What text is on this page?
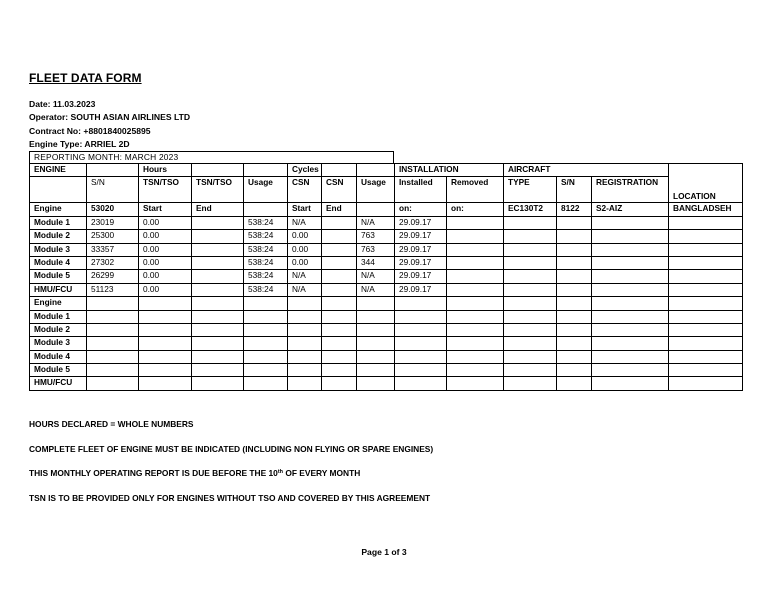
FLEET DATA FORM
Date: 11.03.2023
Operator: SOUTH ASIAN AIRLINES LTD
Contract No: +8801840025895
Engine Type: ARRIEL 2D
REPORTING MONTH: MARCH 2023
ENGINE		Hours			Cycles			INSTALLATION		AIRCRAFT			LOCATION
	S/N	TSN/TSO	TSN/TSO	Usage	CSN	CSN	Usage	Installed	Removed	TYPE	S/N	REGISTRATION	
Engine	53020	Start	End		Start	End		on:	on:	EC130T2	8122	S2-AIZ	BANGLADSEH
Module 1	23019	0.00		538:24	N/A		N/A	29.09.17					
Module 2	25300	0.00		538:24	0.00		763	29.09.17					
Module 3	33357	0.00		538:24	0.00		763	29.09.17					
Module 4	27302	0.00		538:24	0.00		344	29.09.17					
Module 5	26299	0.00		538:24	N/A		N/A	29.09.17					
HMU/FCU	51123	0.00		538:24	N/A		N/A	29.09.17					
Engine													
Module 1													
Module 2													
Module 3													
Module 4													
Module 5													
HMU/FCU													
HOURS DECLARED = WHOLE NUMBERS
COMPLETE FLEET OF ENGINE MUST BE INDICATED (INCLUDING NON FLYING OR SPARE ENGINES)
THIS MONTHLY OPERATING REPORT IS DUE BEFORE THE 10th OF EVERY MONTH
TSN IS TO BE PROVIDED ONLY FOR ENGINES WITHOUT TSO AND COVERED BY THIS AGREEMENT
Page 1 of 3
